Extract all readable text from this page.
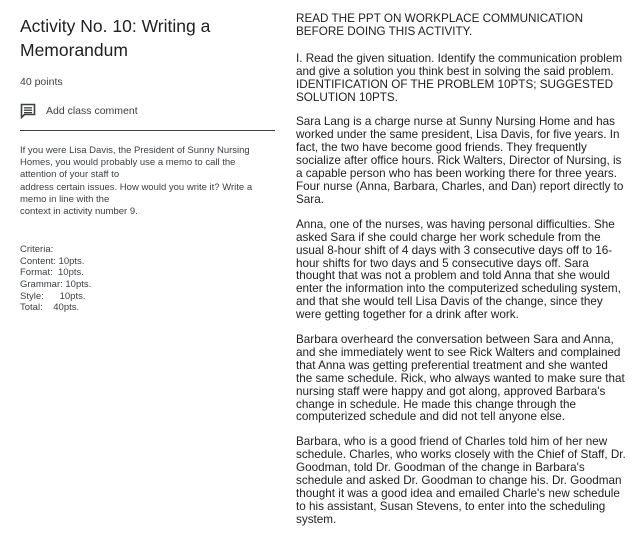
Activity No. 10: Writing a
Memorandum
40 points
Add class comment
If you were Lisa Davis, the President of Sunny Nursing
Homes, you would probably use a memo to call the
attention of your staff to
address certain issues. How would you write it? Write a
memo in line with the
context in activity number 9.
Criteria:
Content: 10pts.
Format:  10pts.
Grammar: 10pts.
Style:      10pts.
Total:    40pts.

READ THE PPT ON WORKPLACE COMMUNICATION BEFORE DOING THIS ACTIVITY.

I. Read the given situation. Identify the communication problem and give a solution you think best in solving the said problem. IDENTIFICATION OF THE PROBLEM 10PTS; SUGGESTED SOLUTION 10PTS.

Sara Lang is a charge nurse at Sunny Nursing Home and has worked under the same president, Lisa Davis, for five years. In fact, the two have become good friends. They frequently socialize after office hours. Rick Walters, Director of Nursing, is a capable person who has been working there for three years. Four nurse (Anna, Barbara, Charles, and Dan) report directly to Sara.

Anna, one of the nurses, was having personal difficulties. She asked Sara if she could charge her work schedule from the usual 8-hour shift of 4 days with 3 consecutive days off to 16-hour shifts for two days and 5 consecutive days off. Sara thought that was not a problem and told Anna that she would enter the information into the computerized scheduling system, and that she would tell Lisa Davis of the change, since they were getting together for a drink after work.

Barbara overheard the conversation between Sara and Anna, and she immediately went to see Rick Walters and complained that Anna was getting preferential treatment and she wanted the same schedule. Rick, who always wanted to make sure that nursing staff were happy and got along, approved Barbara's change in schedule. He made this change through the computerized schedule and did not tell anyone else.

Barbara, who is a good friend of Charles told him of her new schedule. Charles, who works closely with the Chief of Staff, Dr. Goodman, told Dr. Goodman of the change in Barbara's schedule and asked Dr. Goodman to change his. Dr. Goodman thought it was a good idea and emailed Charle's new schedule to his assistant, Susan Stevens, to enter into the scheduling system.
